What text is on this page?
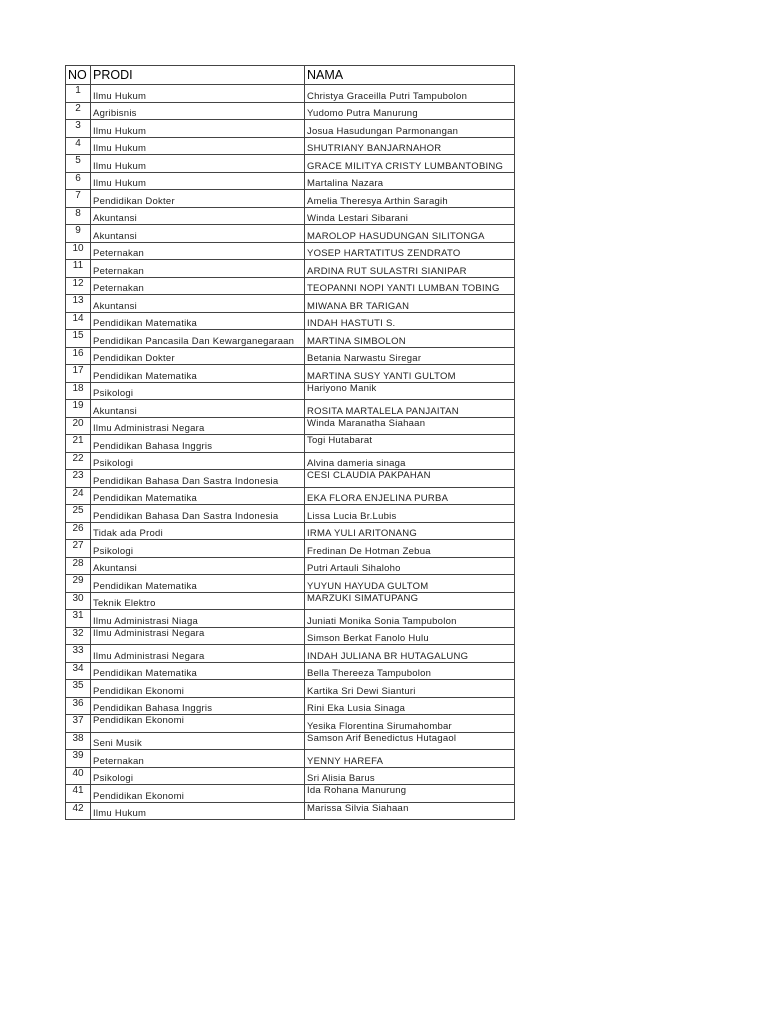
NO	PRODI	NAMA
1	Ilmu Hukum	Christya Graceilla Putri Tampubolon
2	Agribisnis	Yudomo Putra Manurung
3	Ilmu Hukum	Josua Hasudungan Parmonangan
4	Ilmu Hukum	SHUTRIANY BANJARNAHOR
5	Ilmu Hukum	GRACE MILITYA CRISTY LUMBANTOBING
6	Ilmu Hukum	Martalina Nazara
7	Pendidikan Dokter	Amelia Theresya Arthin Saragih
8	Akuntansi	Winda Lestari Sibarani
9	Akuntansi	MAROLOP HASUDUNGAN SILITONGA
10	Peternakan	YOSEP HARTATITUS ZENDRATO
11	Peternakan	ARDINA RUT SULASTRI SIANIPAR
12	Peternakan	TEOPANNI NOPI YANTI LUMBAN TOBING
13	Akuntansi	MIWANA BR TARIGAN
14	Pendidikan Matematika	INDAH HASTUTI S.
15	Pendidikan Pancasila Dan Kewarganegaraan	MARTINA SIMBOLON
16	Pendidikan Dokter	Betania Narwastu Siregar
17	Pendidikan Matematika	MARTINA SUSY YANTI GULTOM
18	Psikologi	Hariyono Manik
19	Akuntansi	ROSITA MARTALELA PANJAITAN
20	Ilmu Administrasi Negara	Winda Maranatha Siahaan
21	Pendidikan Bahasa Inggris	Togi Hutabarat
22	Psikologi	Alvina dameria sinaga
23	Pendidikan Bahasa Dan Sastra Indonesia	CESI CLAUDIA PAKPAHAN
24	Pendidikan Matematika	EKA FLORA ENJELINA PURBA
25	Pendidikan Bahasa Dan Sastra Indonesia	Lissa Lucia Br.Lubis
26	Tidak ada Prodi	IRMA YULI ARITONANG
27	Psikologi	Fredinan De Hotman Zebua
28	Akuntansi	Putri Artauli Sihaloho
29	Pendidikan Matematika	YUYUN HAYUDA GULTOM
30	Teknik Elektro	MARZUKI SIMATUPANG
31	Ilmu Administrasi Niaga	Juniati Monika Sonia Tampubolon
32	Ilmu Administrasi Negara	Simson Berkat Fanolo Hulu
33	Ilmu Administrasi Negara	INDAH JULIANA BR HUTAGALUNG
34	Pendidikan Matematika	Bella Thereeza Tampubolon
35	Pendidikan Ekonomi	Kartika Sri Dewi Sianturi
36	Pendidikan Bahasa Inggris	Rini Eka Lusia Sinaga
37	Pendidikan Ekonomi	Yesika Florentina Sirumahombar
38	Seni Musik	Samson Arif Benedictus Hutagaol
39	Peternakan	YENNY HAREFA
40	Psikologi	Sri Alisia Barus
41	Pendidikan Ekonomi	Ida Rohana Manurung
42	Ilmu Hukum	Marissa Silvia Siahaan
